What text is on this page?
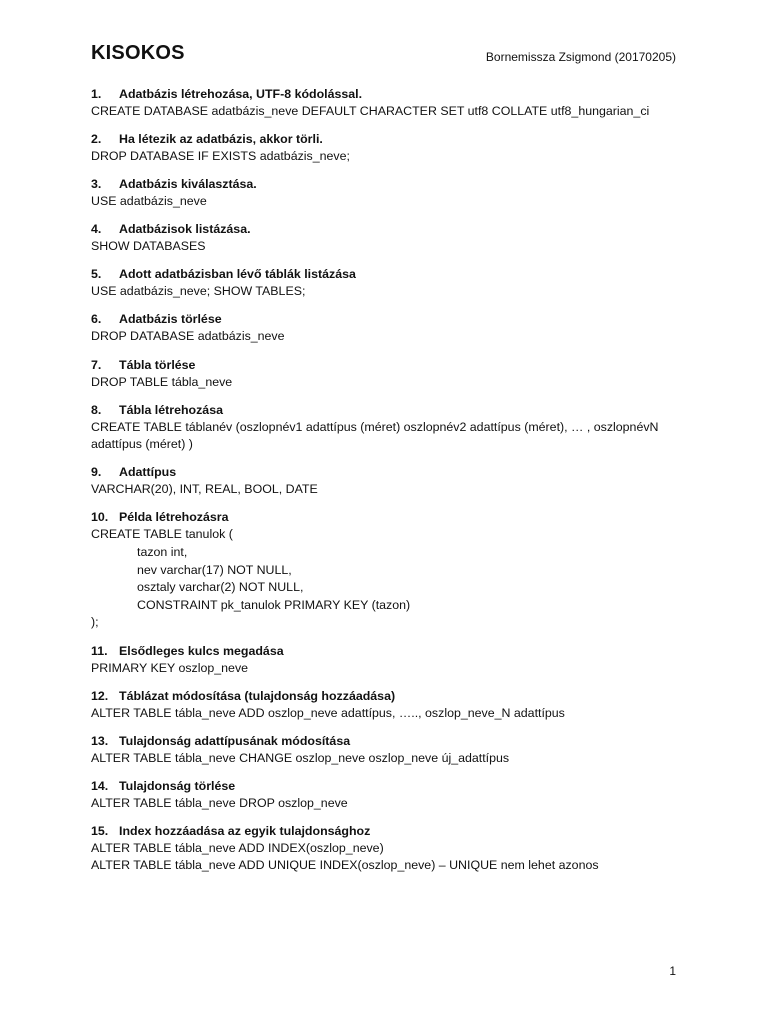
KISOKOS	Bornemissza Zsigmond (20170205)
1.	Adatbázis létrehozása, UTF-8 kódolással.
CREATE DATABASE adatbázis_neve DEFAULT CHARACTER SET utf8 COLLATE utf8_hungarian_ci
2.	Ha létezik az adatbázis, akkor törli.
DROP DATABASE IF EXISTS adatbázis_neve;
3.	Adatbázis kiválasztása.
USE adatbázis_neve
4.	Adatbázisok listázása.
SHOW DATABASES
5.	Adott adatbázisban lévő táblák listázása
USE adatbázis_neve; SHOW TABLES;
6.	Adatbázis törlése
DROP DATABASE adatbázis_neve
7.	Tábla törlése
DROP TABLE tábla_neve
8.	Tábla létrehozása
CREATE TABLE táblanév (oszlopnév1 adattípus (méret) oszlopnév2 adattípus (méret), … , oszlopnévN adattípus (méret) )
9.	Adattípus
VARCHAR(20), INT, REAL, BOOL, DATE
10. Példa létrehozásra
CREATE TABLE tanulok (
tazon int,
nev varchar(17) NOT NULL,
osztaly varchar(2) NOT NULL,
CONSTRAINT pk_tanulok PRIMARY KEY (tazon)
);
11. Elsődleges kulcs megadása
PRIMARY KEY oszlop_neve
12. Táblázat módosítása (tulajdonság hozzáadása)
ALTER TABLE tábla_neve ADD oszlop_neve adattípus, ….., oszlop_neve_N adattípus
13. Tulajdonság adattípusának módosítása
ALTER TABLE tábla_neve CHANGE oszlop_neve oszlop_neve új_adattípus
14. Tulajdonság törlése
ALTER TABLE tábla_neve DROP oszlop_neve
15. Index hozzáadása az egyik tulajdonsághoz
ALTER TABLE tábla_neve ADD INDEX(oszlop_neve)
ALTER TABLE tábla_neve ADD UNIQUE INDEX(oszlop_neve) – UNIQUE nem lehet azonos
1
